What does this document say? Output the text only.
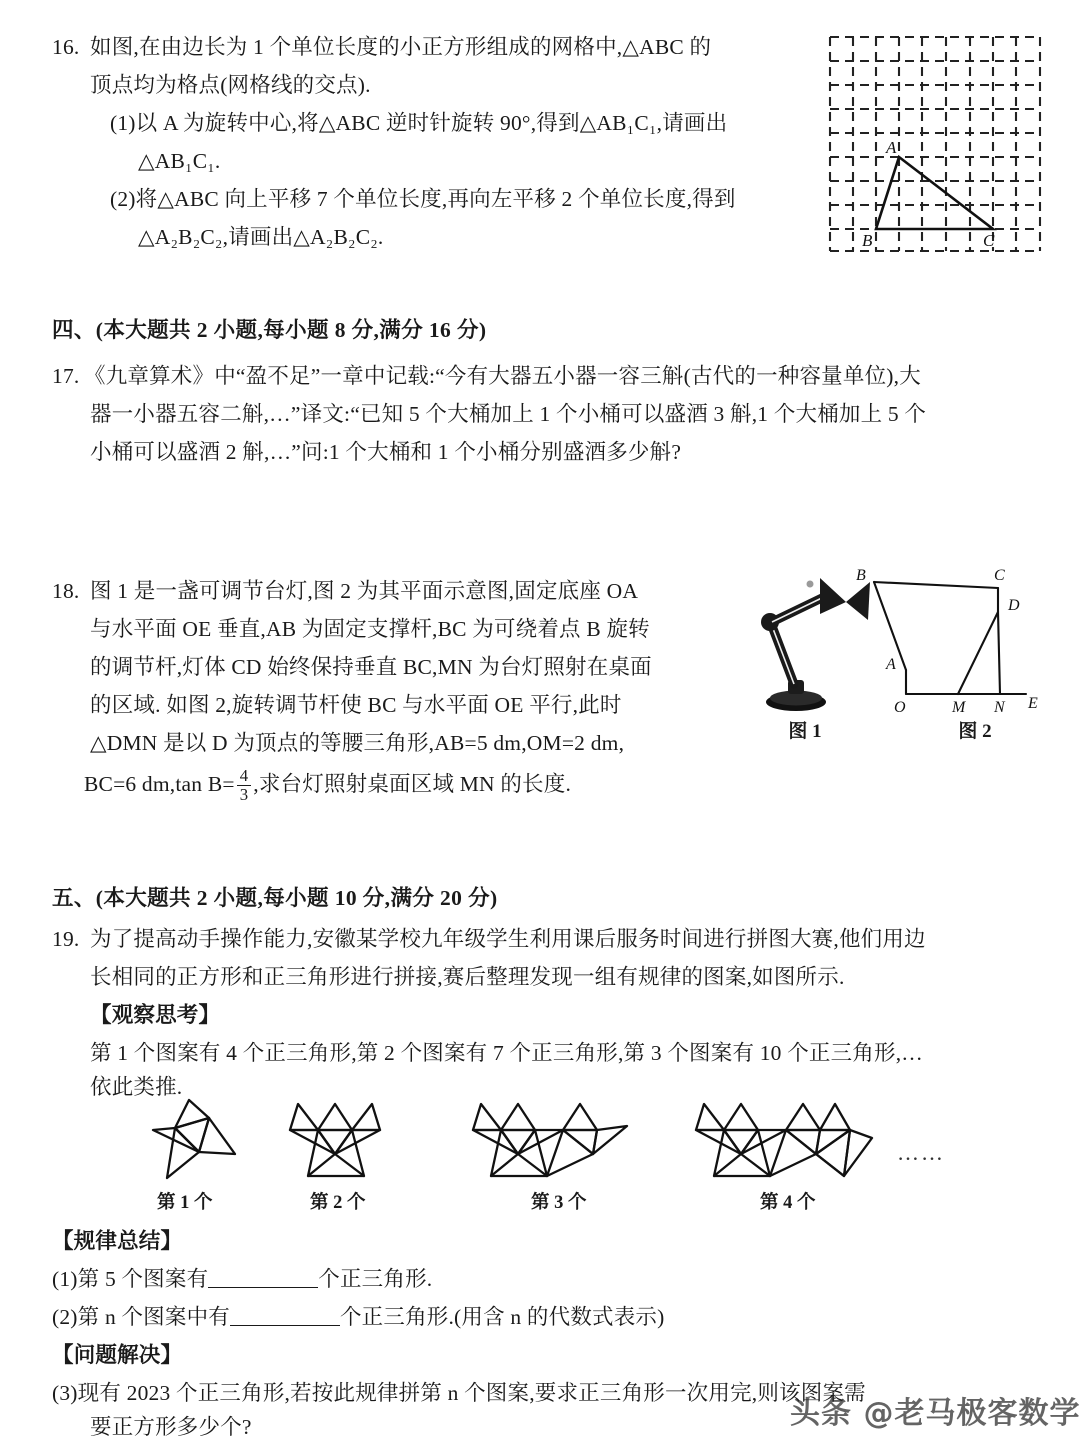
16. 如图,在由边长为 1 个单位长度的小正方形组成的网格中,△ABC 的
顶点均为格点(网格线的交点).
(1)以 A 为旋转中心,将△ABC 逆时针旋转 90°,得到△AB₁C₁,请画出
△AB₁C₁.
(2)将△ABC 向上平移 7 个单位长度,再向左平移 2 个单位长度,得到
△A₂B₂C₂,请画出△A₂B₂C₂.
A
B	C
四、(本大题共 2 小题,每小题 8 分,满分 16 分)
17. 《九章算术》中“盈不足”一章中记载:“今有大器五小器一容三斛(古代的一种容量单位),大
器一小器五容二斛,…”译文:“已知 5 个大桶加上 1 个小桶可以盛酒 3 斛,1 个大桶加上 5 个
小桶可以盛酒 2 斛,…”问:1 个大桶和 1 个小桶分别盛酒多少斛?
18. 图 1 是一盏可调节台灯,图 2 为其平面示意图,固定底座 OA
与水平面 OE 垂直,AB 为固定支撑杆,BC 为可绕着点 B 旋转
的调节杆,灯体 CD 始终保持垂直 BC,MN 为台灯照射在桌面
的区域. 如图 2,旋转调节杆使 BC 与水平面 OE 平行,此时
△DMN 是以 D 为顶点的等腰三角形,AB=5 dm,OM=2 dm,
BC=6 dm,tan $B= \frac{4}{3}$ ,求台灯照射桌面区域 MN 的长度.
图 1
B	C
D
A
O	M N E
图 2
五、(本大题共 2 小题,每小题 10 分,满分 20 分)
19. 为了提高动手操作能力,安徽某学校九年级学生利用课后服务时间进行拼图大赛,他们用边
长相同的正方形和正三角形进行拼接,赛后整理发现一组有规律的图案,如图所示.
【观察思考】
第 1 个图案有 4 个正三角形,第 2 个图案有 7 个正三角形,第 3 个图案有 10 个正三角形,…
依此类推.
第 1 个	第 2 个	第 3 个	第 4 个
……
【规律总结】
(1)第 5 个图案有	个正三角形.
(2)第 n 个图案中有	个正三角形.(用含 n 的代数式表示)
【问题解决】
(3)现有 2023 个正三角形,若按此规律拼第 n 个图案,要求正三角形一次用完,则该图案需
要正方形多少个?	头条 @老马极客数学
